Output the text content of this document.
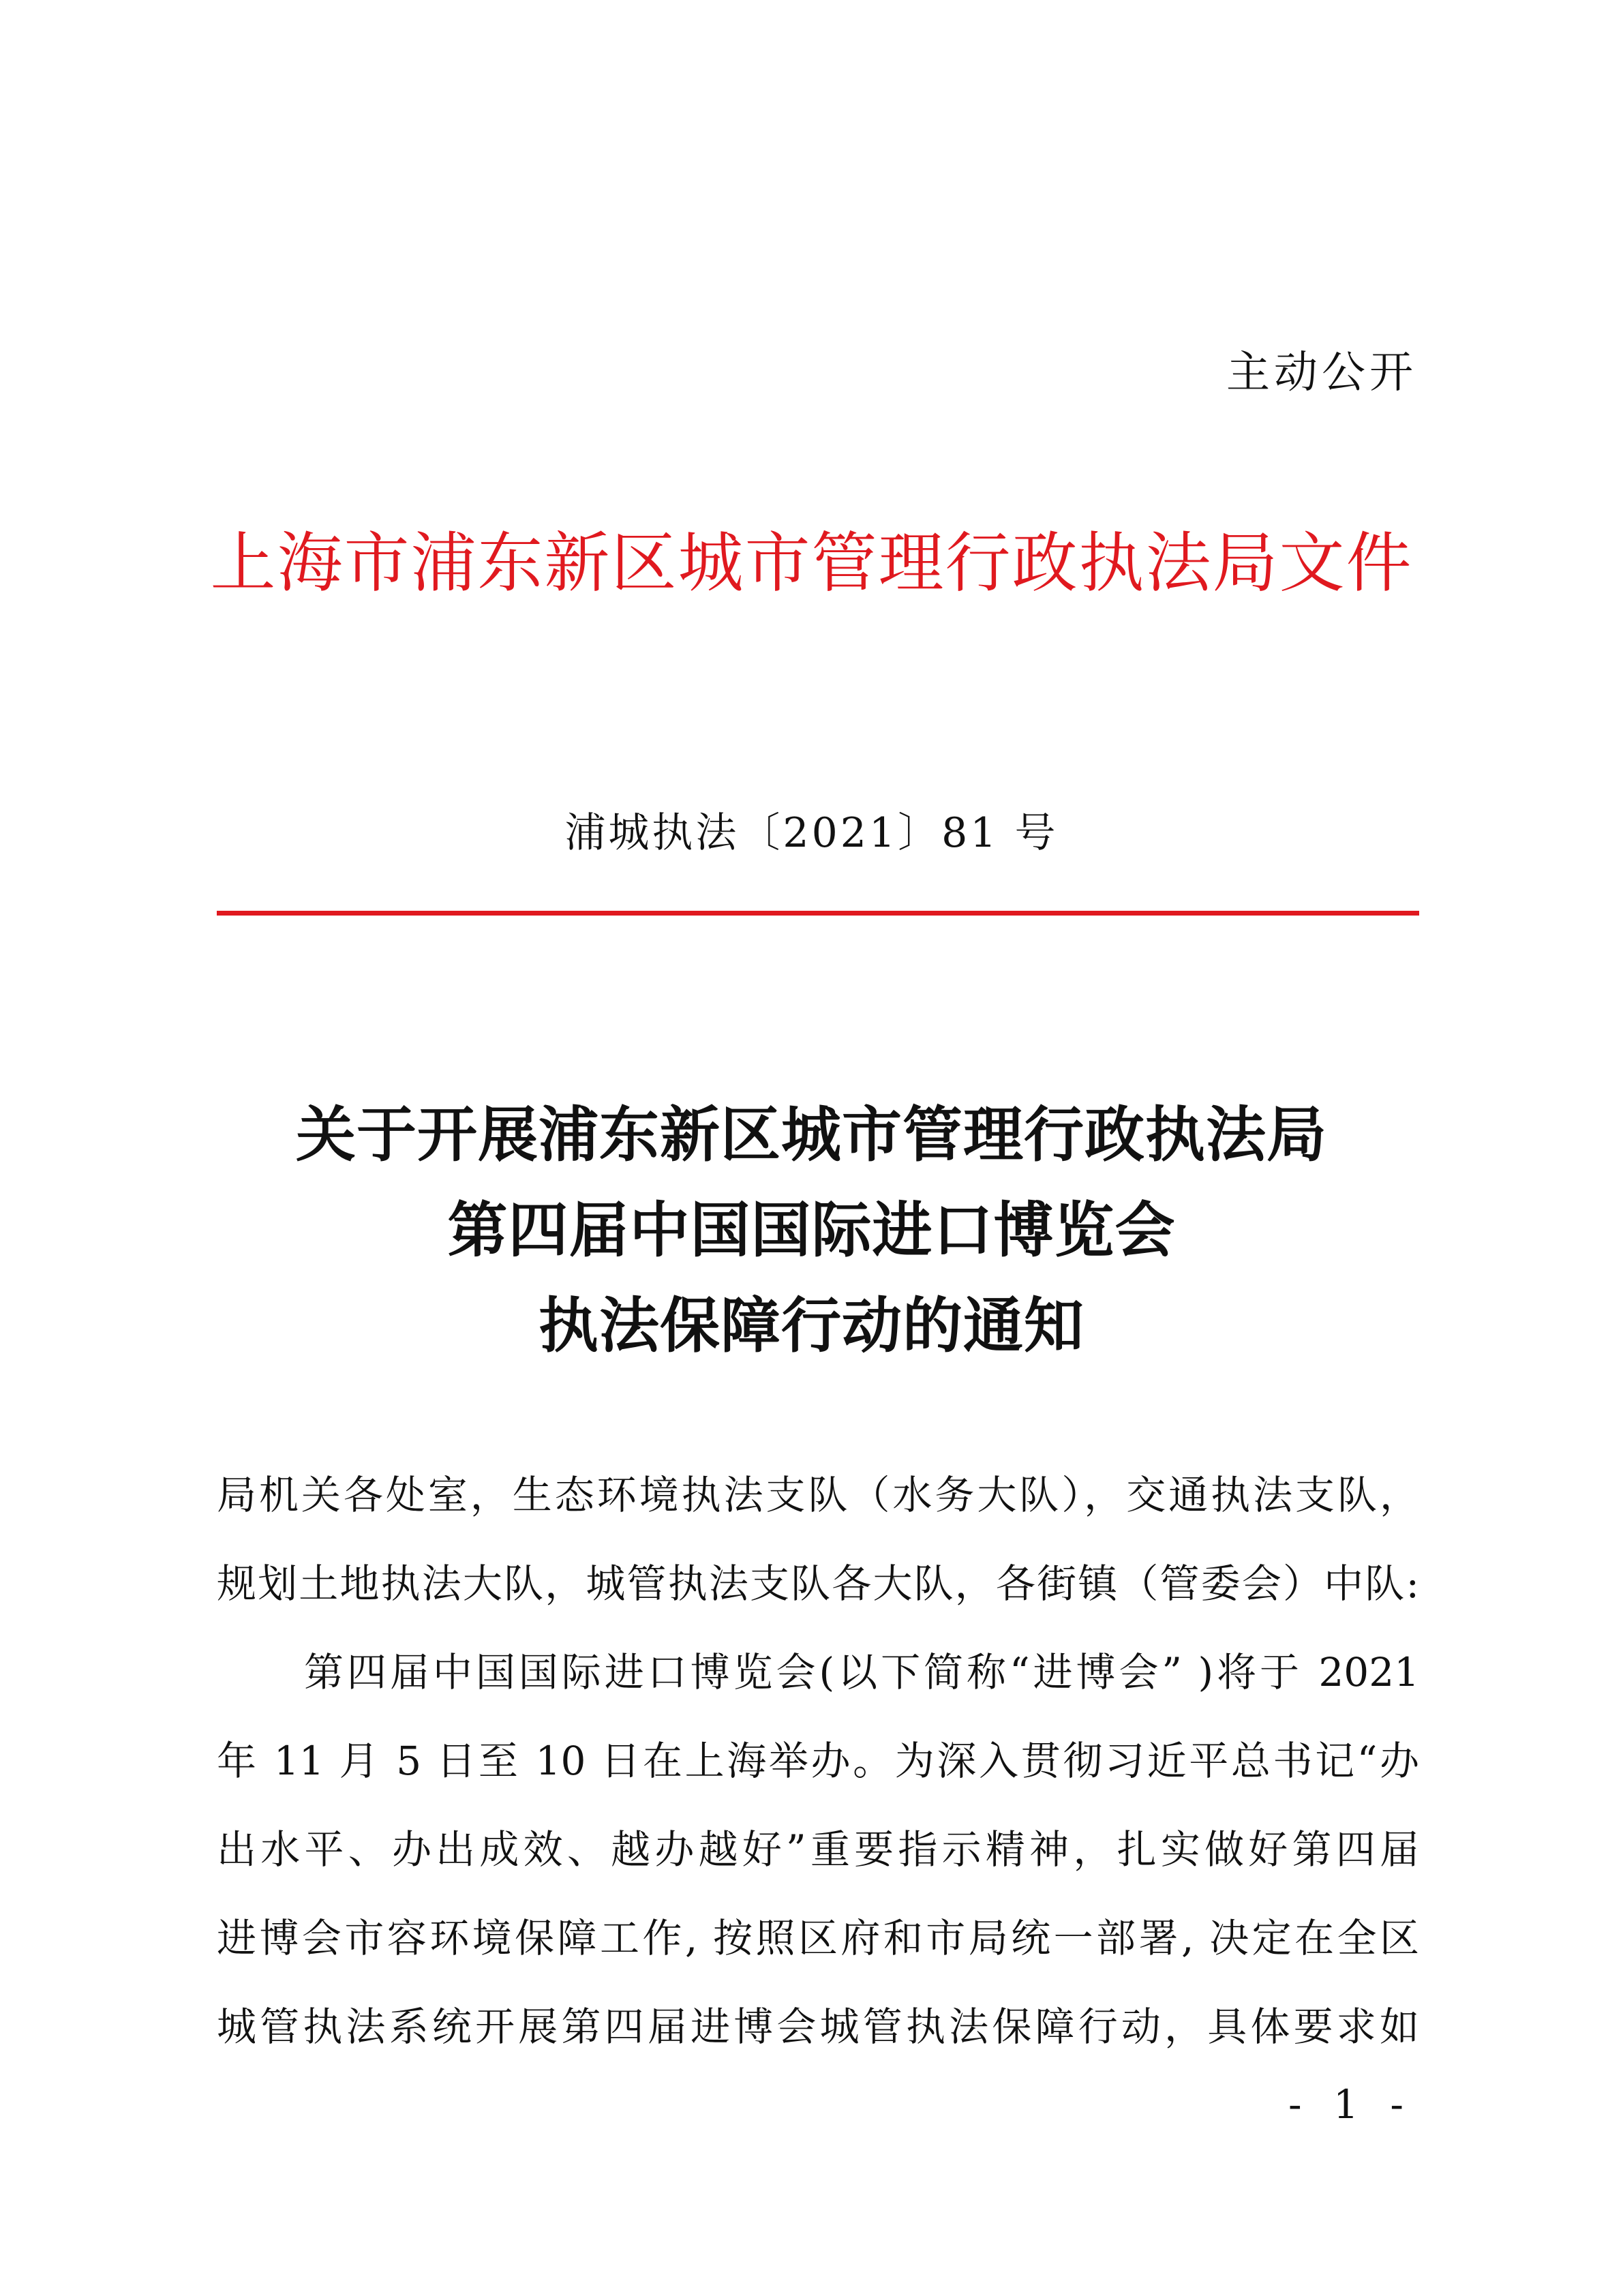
主动公开
上海市浦东新区城市管理行政执法局文件
浦城执法〔2021〕81 号
关于开展浦东新区城市管理行政执法局
第四届中国国际进口博览会
执法保障行动的通知
局机关各处室，生态环境执法支队（水务大队），交通执法支队，
规划土地执法大队，城管执法支队各大队，各街镇（管委会）中队:
第四届中国国际进口博览会(以下简称“进博会” )将于 2021
年 11 月 5 日至 10 日在上海举办。为深入贯彻习近平总书记“办
出水平、办出成效、越办越好”重要指示精神，扎实做好第四届
进博会市容环境保障工作, 按照区府和市局统一部署, 决定在全区
城管执法系统开展第四届进博会城管执法保障行动，具体要求如
- 1 -
